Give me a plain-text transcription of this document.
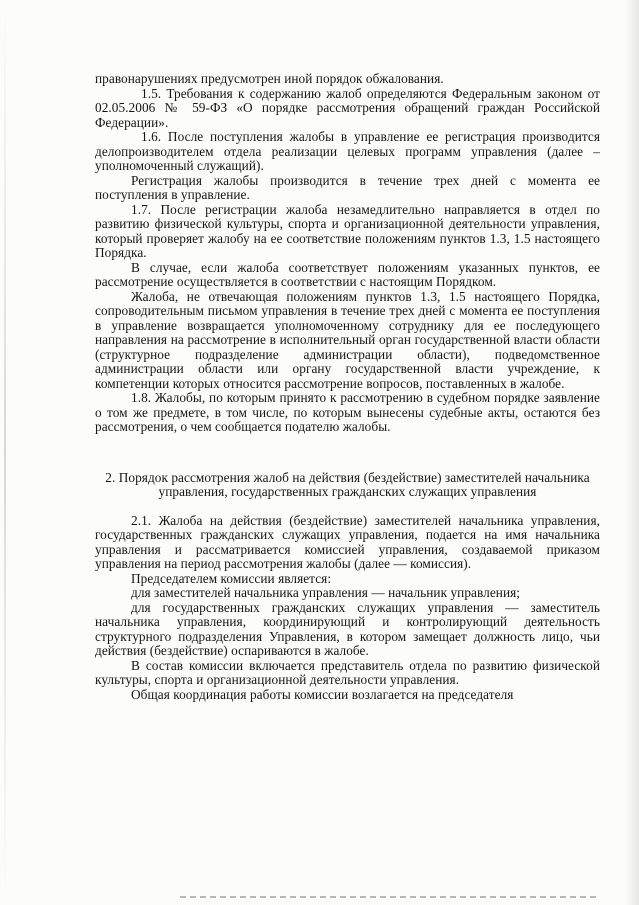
правонарушениях предусмотрен иной порядок обжалования.

1.5. Требования к содержанию жалоб определяются Федеральным законом от 02.05.2006 № 59-ФЗ «О порядке рассмотрения обращений граждан Российской Федерации».

1.6. После поступления жалобы в управление ее регистрация производится делопроизводителем отдела реализации целевых программ управления (далее – уполномоченный служащий).

Регистрация жалобы производится в течение трех дней с момента ее поступления в управление.

1.7. После регистрации жалоба незамедлительно направляется в отдел по развитию физической культуры, спорта и организационной деятельности управления, который проверяет жалобу на ее соответствие положениям пунктов 1.3, 1.5 настоящего Порядка.

В случае, если жалоба соответствует положениям указанных пунктов, ее рассмотрение осуществляется в соответствии с настоящим Порядком.

Жалоба, не отвечающая положениям пунктов 1.3, 1.5 настоящего Порядка, сопроводительным письмом управления в течение трех дней с момента ее поступления в управление возвращается уполномоченному сотруднику для ее последующего направления на рассмотрение в исполнительный орган государственной власти области (структурное подразделение администрации области), подведомственное администрации области или органу государственной власти учреждение, к компетенции которых относится рассмотрение вопросов, поставленных в жалобе.

1.8. Жалобы, по которым принято к рассмотрению в судебном порядке заявление о том же предмете, в том числе, по которым вынесены судебные акты, остаются без рассмотрения, о чем сообщается подателю жалобы.

2. Порядок рассмотрения жалоб на действия (бездействие) заместителей начальника управления, государственных гражданских служащих управления

2.1. Жалоба на действия (бездействие) заместителей начальника управления, государственных гражданских служащих управления, подается на имя начальника управления и рассматривается комиссией управления, создаваемой приказом управления на период рассмотрения жалобы (далее — комиссия).

Председателем комиссии является:

для заместителей начальника управления — начальник управления;

для государственных гражданских служащих управления — заместитель начальника управления, координирующий и контролирующий деятельность структурного подразделения Управления, в котором замещает должность лицо, чьи действия (бездействие) оспариваются в жалобе.

В состав комиссии включается представитель отдела по развитию физической культуры, спорта и организационной деятельности управления.

Общая координация работы комиссии возлагается на председателя
